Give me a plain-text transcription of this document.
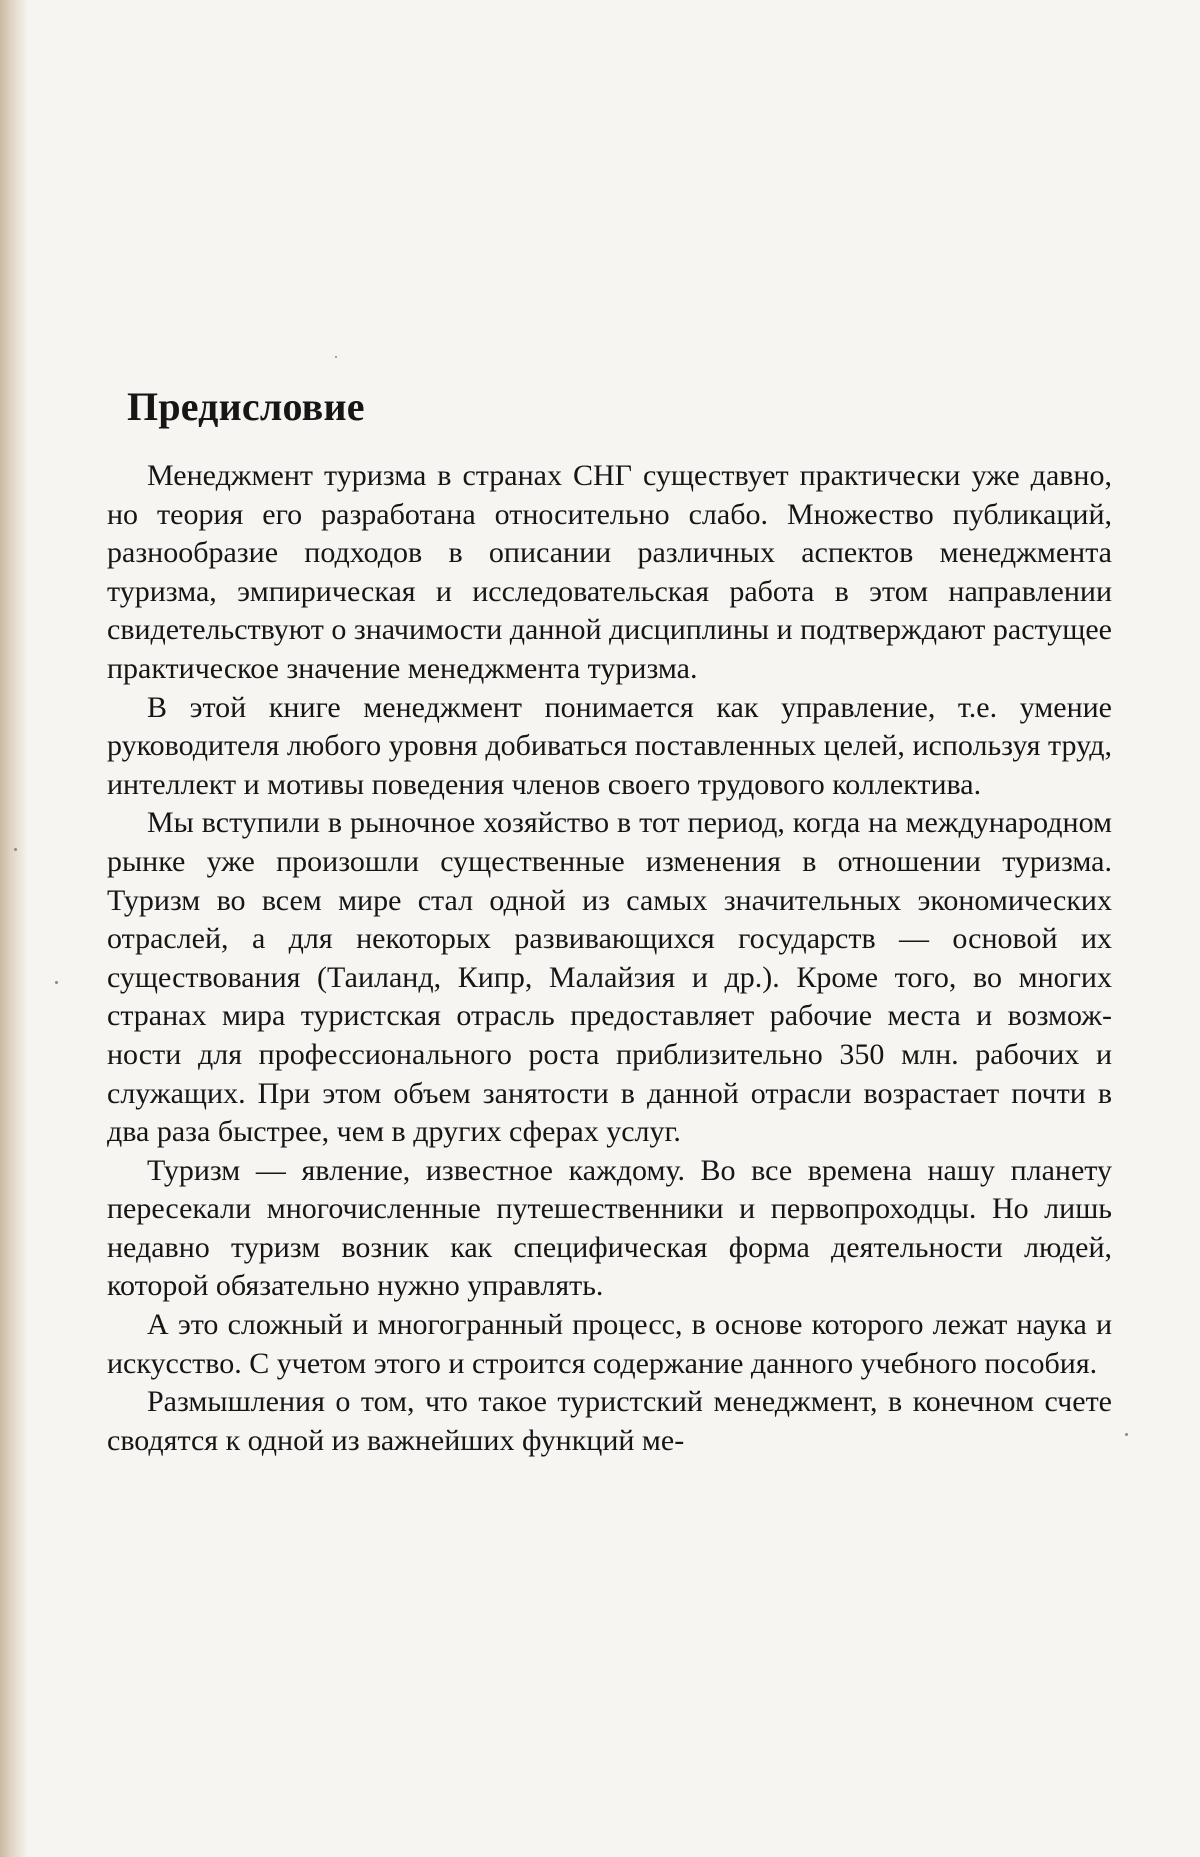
Предисловие

Менеджмент туризма в странах СНГ существует практически уже давно, но теория его разработана относительно слабо. Множество публикаций, разнообразие подходов в описании различных аспектов менеджмента туризма, эмпирическая и исследовательская работа в этом направлении свидетельствуют о значимости данной дисциплины и подтверждают растущее практическое значение менеджмента туризма.

В этой книге менеджмент понимается как управление, т.е. умение руководителя любого уровня добиваться поставленных целей, используя труд, интеллект и мотивы поведения членов своего трудового коллектива.

Мы вступили в рыночное хозяйство в тот период, когда на международном рынке уже произошли существенные изменения в отношении туризма. Туризм во всем мире стал одной из самых значительных экономических отраслей, а для некоторых развивающихся государств — основой их существования (Таиланд, Кипр, Малайзия и др.). Кроме того, во многих странах мира туристская отрасль предоставляет рабочие места и возможности для профессионального роста приблизительно 350 млн. рабочих и служащих. При этом объем занятости в данной отрасли возрастает почти в два раза быстрее, чем в других сферах услуг.

Туризм — явление, известное каждому. Во все времена нашу планету пересекали многочисленные путешественники и первопроходцы. Но лишь недавно туризм возник как специфическая форма деятельности людей, которой обязательно нужно управлять.

А это сложный и многогранный процесс, в основе которого лежат наука и искусство. С учетом этого и строится содержание данного учебного пособия.

Размышления о том, что такое туристский менеджмент, в конечном счете сводятся к одной из важнейших функций ме-
